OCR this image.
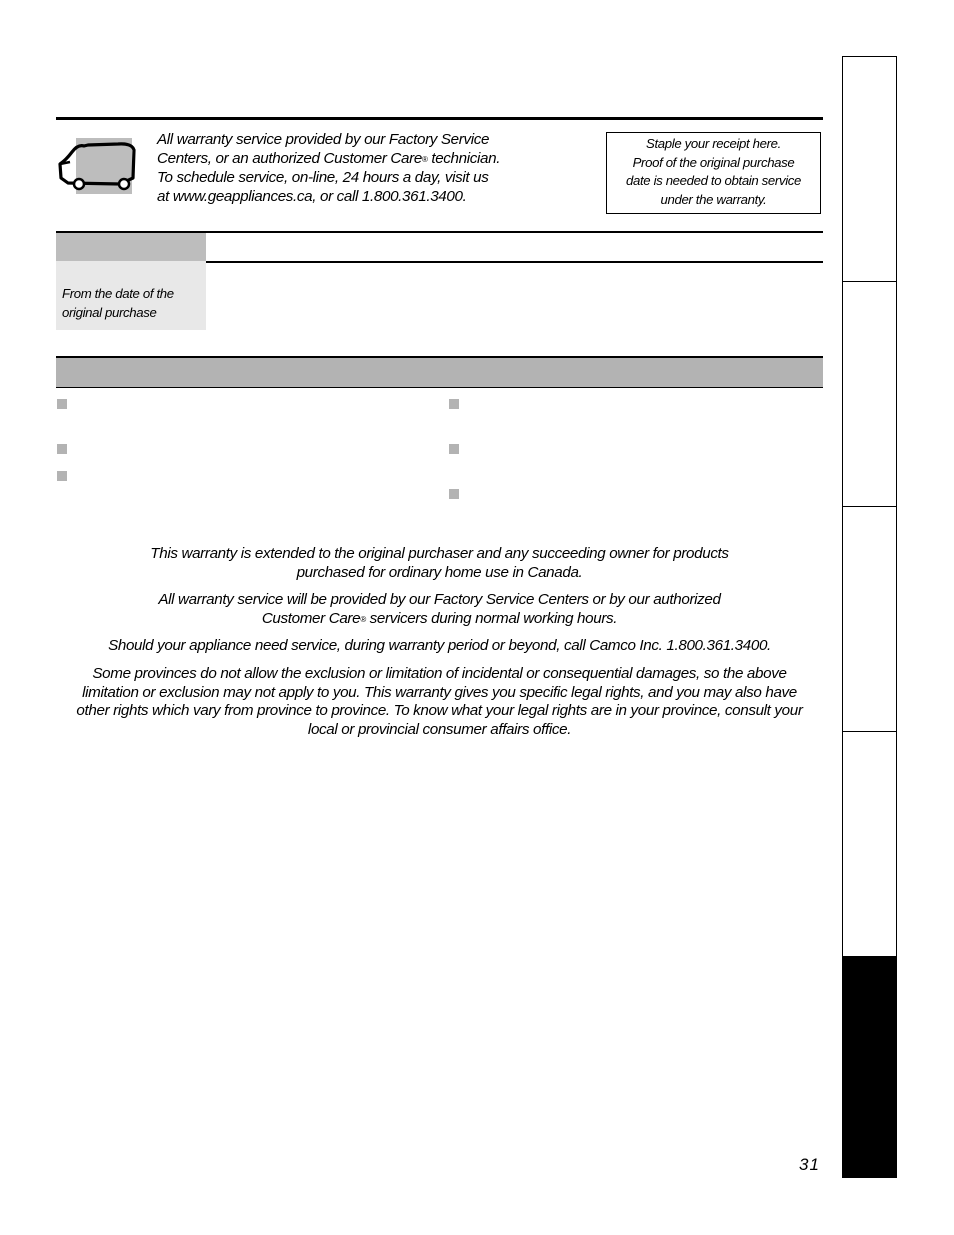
All warranty service provided by our Factory Service

Centers, or an authorized Customer Care® technician.

To schedule service, on-line, 24 hours a day, visit us

at www.geappliances.ca, or call 1.800.361.3400.

Staple your receipt here.
Proof of the original purchase
date is needed to obtain service
under the warranty.
From the date of the
original purchase

This warranty is extended to the original purchaser and any succeeding owner for products
purchased for ordinary home use in Canada.

All warranty service will be provided by our Factory Service Centers or by our authorized
Customer Care® servicers during normal working hours.

Should your appliance need service, during warranty period or beyond, call Camco Inc. 1.800.361.3400.

Some provinces do not allow the exclusion or limitation of incidental or consequential damages, so the above
limitation or exclusion may not apply to you. This warranty gives you specific legal rights, and you may also have
other rights which vary from province to province. To know what your legal rights are in your province, consult your
local or provincial consumer affairs office.

31
